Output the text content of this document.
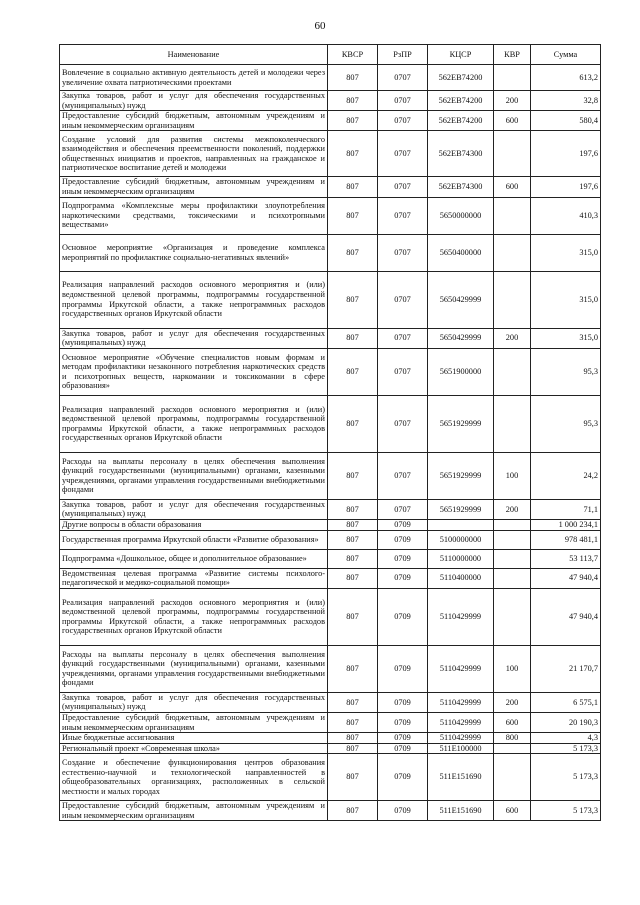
60
Наименование	КВСР	РзПР	КЦСР	КВР	Сумма
Вовлечение в социально активную деятельность детей и молодежи через увеличение охвата патриотическими проектами	807	0707	562EB74200		613,2
Закупка товаров, работ и услуг для обеспечения государственных (муниципальных) нужд	807	0707	562EB74200	200	32,8
Предоставление субсидий бюджетным, автономным учреждениям и иным некоммерческим организациям	807	0707	562EB74200	600	580,4
Создание условий для развития системы межпоколенческого взаимодействия и обеспечения преемственности поколений, поддержки общественных инициатив и проектов, направленных на гражданское и патриотическое воспитание детей и молодежи	807	0707	562EB74300		197,6
Предоставление субсидий бюджетным, автономным учреждениям и иным некоммерческим организациям	807	0707	562EB74300	600	197,6
Подпрограмма «Комплексные меры профилактики злоупотребления наркотическими средствами, токсическими и психотропными веществами»	807	0707	5650000000		410,3
Основное мероприятие «Организация и проведение комплекса мероприятий по профилактике социально-негативных явлений»	807	0707	5650400000		315,0
Реализация направлений расходов основного мероприятия и (или) ведомственной целевой программы, подпрограммы государственной программы Иркутской области, а также непрограммных расходов государственных органов Иркутской области	807	0707	5650429999		315,0
Закупка товаров, работ и услуг для обеспечения государственных (муниципальных) нужд	807	0707	5650429999	200	315,0
Основное мероприятие «Обучение специалистов новым формам и методам профилактики незаконного потребления наркотических средств и психотропных веществ, наркомании и токсикомании в сфере образования»	807	0707	5651900000		95,3
Реализация направлений расходов основного мероприятия и (или) ведомственной целевой программы, подпрограммы государственной программы Иркутской области, а также непрограммных расходов государственных органов Иркутской области	807	0707	5651929999		95,3
Расходы на выплаты персоналу в целях обеспечения выполнения функций государственными (муниципальными) органами, казенными учреждениями, органами управления государственными внебюджетными фондами	807	0707	5651929999	100	24,2
Закупка товаров, работ и услуг для обеспечения государственных (муниципальных) нужд	807	0707	5651929999	200	71,1
Другие вопросы в области образования	807	0709			1 000 234,1
Государственная программа Иркутской области «Развитие образования»	807	0709	5100000000		978 481,1
Подпрограмма «Дошкольное, общее и дополнительное образование»	807	0709	5110000000		53 113,7
Ведомственная целевая программа «Развитие системы психолого-педагогической и медико-социальной помощи»	807	0709	5110400000		47 940,4
Реализация направлений расходов основного мероприятия и (или) ведомственной целевой программы, подпрограммы государственной программы Иркутской области, а также непрограммных расходов государственных органов Иркутской области	807	0709	5110429999		47 940,4
Расходы на выплаты персоналу в целях обеспечения выполнения функций государственными (муниципальными) органами, казенными учреждениями, органами управления государственными внебюджетными фондами	807	0709	5110429999	100	21 170,7
Закупка товаров, работ и услуг для обеспечения государственных (муниципальных) нужд	807	0709	5110429999	200	6 575,1
Предоставление субсидий бюджетным, автономным учреждениям и иным некоммерческим организациям	807	0709	5110429999	600	20 190,3
Иные бюджетные ассигнования	807	0709	5110429999	800	4,3
Региональный проект «Современная школа»	807	0709	511E100000		5 173,3
Создание и обеспечение функционирования центров образования естественно-научной и технологической направленностей в общеобразовательных организациях, расположенных в сельской местности и малых городах	807	0709	511E151690		5 173,3
Предоставление субсидий бюджетным, автономным учреждениям и иным некоммерческим организациям	807	0709	511E151690	600	5 173,3
